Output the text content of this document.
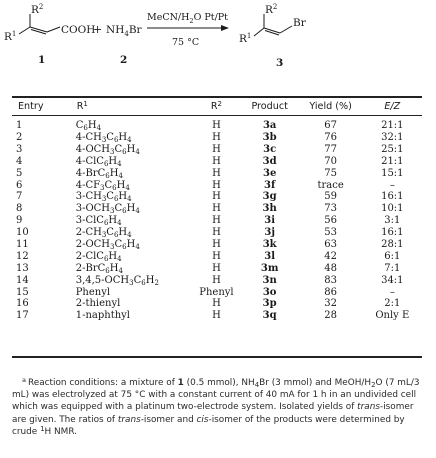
$R^2$
$R^1$	COOH
1
+ $NH_4Br$
2
MeCN/$H_2O$ Pt/Pt
75 °C
$R^2$
$R^1$
Br
3
Entry	$R^1$	$R^2$	Product	Yield (%)	E/Z
1	$C_6H_4$	H	3a	67	21:1
2	$4-CH_3C_6H_4$	H	3b	76	32:1
3	$4-OCH_3C_6H_4$	H	3c	77	25:1
4	$4-ClC_6H_4$	H	3d	70	21:1
5	$4-BrC_6H_4$	H	3e	75	15:1
6	$4-CF_3C_6H_4$	H	3f	trace	–
7	$3-CH_3C_6H_4$	H	3g	59	16:1
8	$3-OCH_3C_6H_4$	H	3h	73	10:1
9	$3-ClC_6H_4$	H	3i	56	3:1
10	$2-CH_3C_6H_4$	H	3j	53	16:1
11	$2-OCH_3C_6H_4$	H	3k	63	28:1
12	$2-ClC_6H_4$	H	3l	42	6:1
13	$2-BrC_6H_4$	H	3m	48	7:1
14	$3,4,5-OCH_3C_6H_2$	H	3n	83	34:1
15	Phenyl	Phenyl	3o	86	–
16	2-thienyl	H	3p	32	2:1
17	1-naphthyl	H	3q	28	Only E
$^a$ Reaction conditions: a mixture of 1 (0.5 mmol), $NH_4Br$ (3 mmol) and MeOH/$H_2O$ (7 mL/3 mL) was electrolyzed at 75 °C with a constant current of 40 mA for 1 h in an undivided cell which was equipped with a platinum two-electrode system. Isolated yields of trans-isomer are given. The ratios of trans-isomer and cis-isomer of the products were determined by crude $^1$H NMR.
